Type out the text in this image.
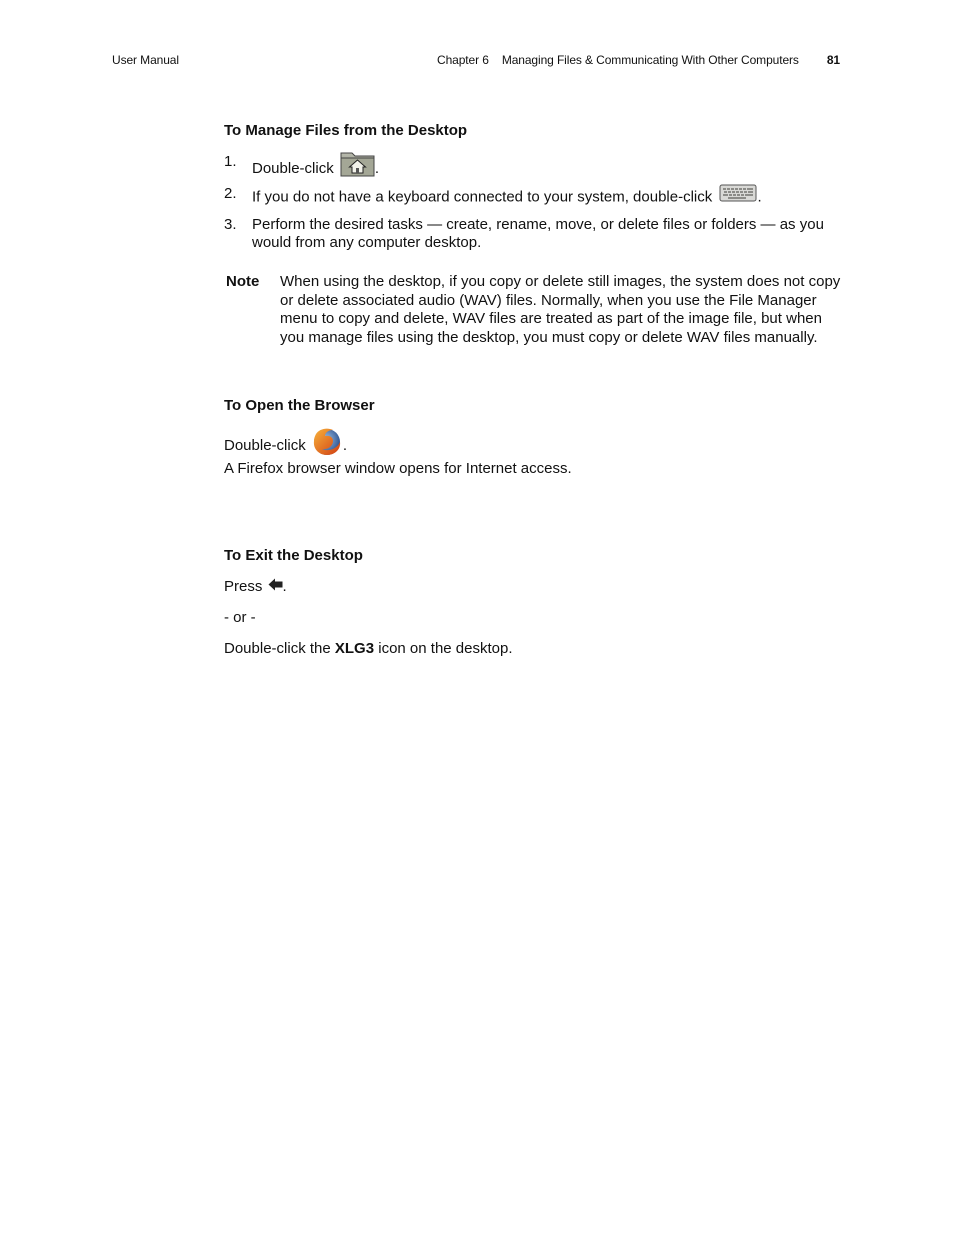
User Manual	Chapter 6 Managing Files & Communicating With Other Computers 81
To Manage Files from the Desktop
1. Double-click	.
2. If you do not have a keyboard connected to your system, double-click	.
3. Perform the desired tasks — create, rename, move, or delete files or folders — as you would from any computer desktop.
Note When using the desktop, if you copy or delete still images, the system does not copy or delete associated audio (WAV) files. Normally, when you use the File Manager menu to copy and delete, WAV files are treated as part of the image file, but when you manage files using the desktop, you must copy or delete WAV files manually.
To Open the Browser
Double-click .
A Firefox browser window opens for Internet access.
To Exit the Desktop
Press .
- or -
Double-click the XLG3 icon on the desktop.
